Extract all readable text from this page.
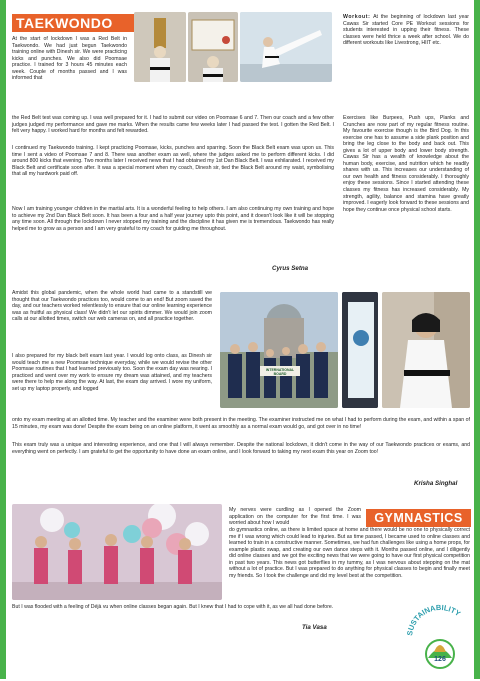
TAEKWONDO

At the start of lockdown I was a Red Belt in Taekwondo. We had just begun Taekwondo training online with Dinesh sir. We were practicing kicks and punches. We also did Poomsae practice. I trained for 3 hours 45 minutes each week. Couple of months passed and I was informed that

the Red Belt test was coming up. I was well prepared for it. I had to submit our video on Poomsae 6 and 7. Then our coach and a few other judges judged my performance and gave me marks. When the results came few weeks later I had passed the test. I gotten the Red Belt. I felt very happy. I worked hard for months and felt rewarded.

I continued my Taekwondo training. I kept practicing Poomsae, kicks, punches and sparring. Soon the Black Belt exam was upon us. This time I sent a video of Poomsae 7 and 8. There was another exam as well, where the judges asked me to perform different kicks. I did around 800 kicks that evening. Two months later I received news that I had obtained my 1st Dan Black Belt. I was exhilarated. I received my Black Belt and certificate soon after. It was a special moment when my coach, Dinesh sir, tied the Black Belt around my waist, symbolising that all my hardwork paid off.

Now I am training younger children in the martial arts. It is a wonderful feeling to help others. I am also continuing my own training and hope to achieve my 2nd Dan Black Belt soon. It has been a four and a half year journey upto this point, and it doesn't look like it will be stopping any time soon. All through the lockdown I never stopped my training and the discipline it has given me is tremendous. Taekwondo has really helped me to grow as a person and I am very grateful to my coach for guiding me throughout.

Cyrus Setna
Workout: At the beginning of lockdown last year Cawas Sir started Core PE Workout sessions for students interested in upping their fitness. These classes were held thrice a week after school. We do different workouts like Livestrong, HIIT etc.

Exercises like Burpees, Push ups, Planks and Crunches are now part of my regular fitness routine. My favourite exercise though is the Bird Dog. In this exercise one has to assume a side plank position and bring the leg close to the body and back out. This gives a lot of upper body and lower body strength. Cawas Sir has a wealth of knowledge about the human body, exercise, and nutrition which he readily shares with us. This increases our understanding of our own health and fitness considerably. I thoroughly enjoy these sessions. Since I started attending these classes my fitness has increased considerably. My strength, agility, balance and stamina have greatly improved. I eagerly look forward to these sessions and hope they continue once physical school starts.

Amidst this global pandemic, when the whole world had came to a standstill we thought that our Taekwondo practices too, would come to an end! But zoom saved the day, and our teachers worked relentlessly to ensure that our online learning experience was as fruitful as physical class! We didn't let our spirits dimmer. We would join zoom calls at our allotted times, switch our web cameras on, and all practice together.

I also prepared for my black belt exam last year. I would log onto class, as Dinesh sir would teach me a new Poomsae technique everyday, while we would revise the other Poomsae routines that I had learned previously too. Soon the exam day was nearing. I practiced and went over my work to ensure my dream was attained, and my teachers were there to help me along the way. At last, the exam day arrived. I wore my uniform, set up my laptop properly, and logged

INTERNATIONAL BOARD

onto my exam meeting at an allotted time. My teacher and the examiner were both present in the meeting. The examiner instructed me on what I had to perform during the exam, and within a span of 15 minutes, my exam was done! Despite the exam being on an online platform, it went as smoothly as a normal exam would go, and got over in no time!

This exam truly was a unique and interesting experience, and one that I will always remember. Despite the national lockdown, it didn't come in the way of our Taekwondo practices or exams, and everything went on perfectly. I am grateful to get the opportunity to have done an exam online, and I look forward to taking my next exam this year on Zoom too!

Krisha Singhal

My nerves were curdling as I opened the Zoom application on the computer for the first time. I was worried about how I would	GYMNASTICS

do gymnastics online, as there is limited space at home and there would be no one to physically correct me if I was wrong which could lead to injuries. But as time passed, I became used to online classes and learned to train in a constructive manner. Sometimes, we had fun challenges like using a home props, for example plastic swap, and creating our own dance steps with it. Months passed online, and I diligently did online classes and we got the exciting news that we were going to have our first physical competition in past two years. This news got butterflies in my tummy, as I was nervous about stepping on the mat without a lot of practice. But I was prepared to do anything for physical classes to begin and finally meet my friends. So I took the challenge and did my level best at the competition.

But I was flooded with a feeling of Déjà vu when online classes began again. But I knew that I had to cope with it, as we all had done before.

Tia Vasa
SUSTAINABILITY
126
